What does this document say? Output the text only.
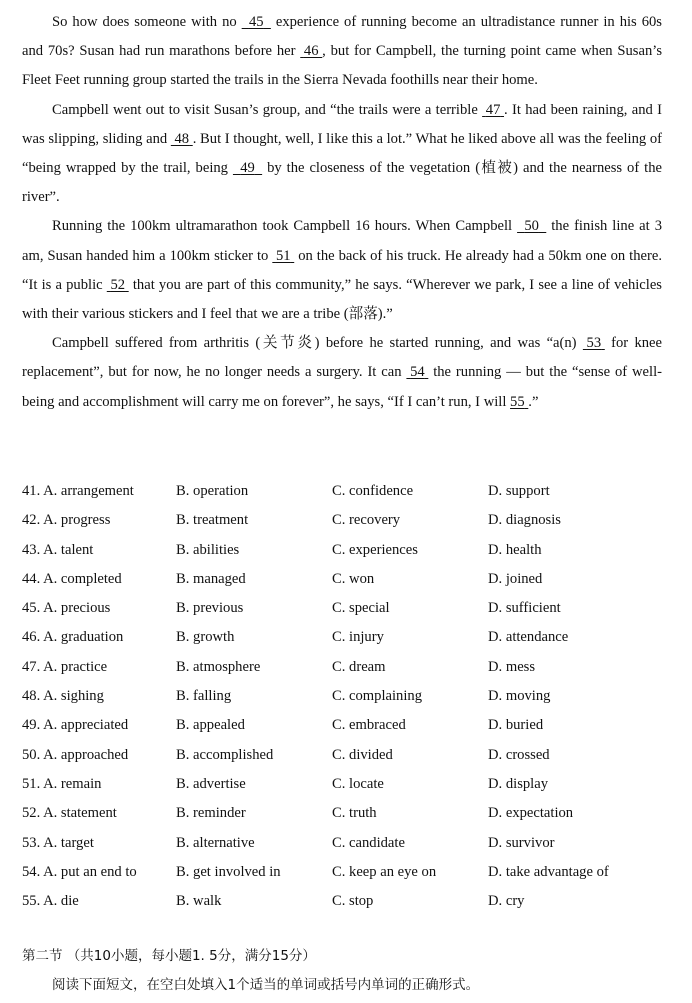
So how does someone with no   45   experience of running become an ultradistance runner in his 60s and 70s? Susan had run marathons before her  46 , but for Campbell, the turning point came when Susan’s Fleet Feet running group started the trails in the Sierra Nevada foothills near their home.

Campbell went out to visit Susan’s group, and “the trails were a terrible  47 . It had been raining, and I was slipping, sliding and  48 . But I thought, well, I like this a lot.” What he liked above all was the feeling of “being wrapped by the trail, being   49   by the closeness of the vegetation (植被) and the nearness of the river”.

Running the 100km ultramarathon took Campbell 16 hours. When Campbell   50   the finish line at 3 am, Susan handed him a 100km sticker to  51  on the back of his truck. He already had a 50km one on there. “It is a public  52  that you are part of this community,” he says. “Wherever we park, I see a line of vehicles with their various stickers and I feel that we are a tribe (部落).”

Campbell suffered from arthritis (关节炎) before he started running, and was “a(n)  53  for knee replacement”, but for now, he no longer needs a surgery. It can  54  the running — but the “sense of well-being and accomplishment will carry me on forever”, he says, “If I can’t run, I will 55 .”

41. A. arrangement	B. operation	C. confidence	D. support
42. A. progress	B. treatment	C. recovery	D. diagnosis
43. A. talent	B. abilities	C. experiences	D. health
44. A. completed	B. managed	C. won	D. joined
45. A. precious	B. previous	C. special	D. sufficient
46. A. graduation	B. growth	C. injury	D. attendance
47. A. practice	B. atmosphere	C. dream	D. mess
48. A. sighing	B. falling	C. complaining	D. moving
49. A. appreciated	B. appealed	C. embraced	D. buried
50. A. approached	B. accomplished	C. divided	D. crossed
51. A. remain	B. advertise	C. locate	D. display
52. A. statement	B. reminder	C. truth	D. expectation
53. A. target	B. alternative	C. candidate	D. survivor
54. A. put an end to	B. get involved in	C. keep an eye on	D. take advantage of
55. A. die	B. walk	C. stop	D. cry
第二节 （共10小题，每小题1. 5分，满分15分）
阅读下面短文，在空白处填入1个适当的单词或括号内单词的正确形式。
